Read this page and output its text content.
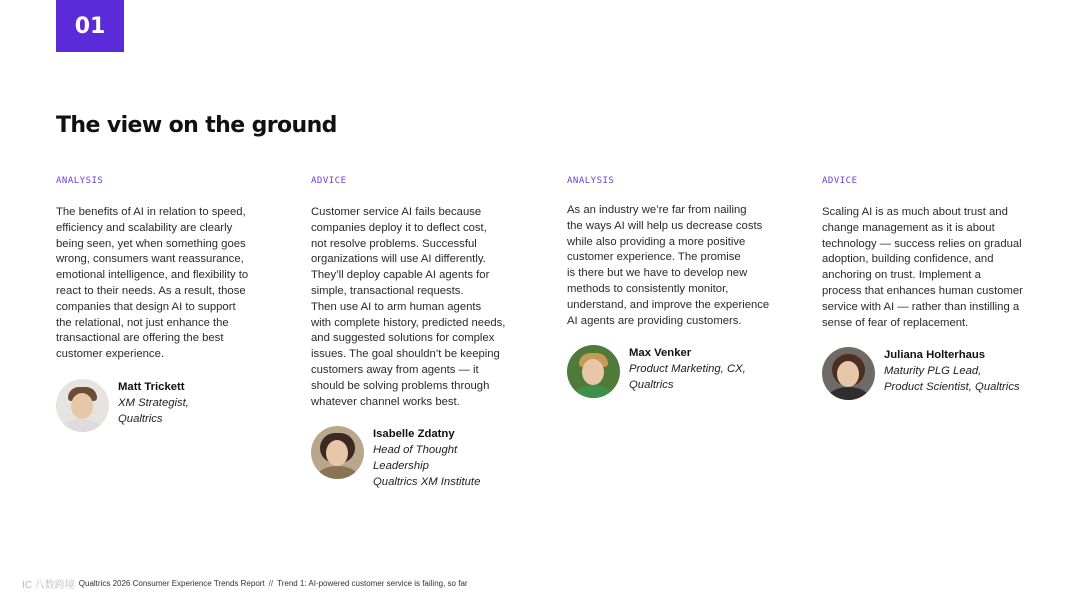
01
The view on the ground
ANALYSIS
The benefits of AI in relation to speed,
efficiency and scalability are clearly
being seen, yet when something goes
wrong, consumers want reassurance,
emotional intelligence, and flexibility to
react to their needs. As a result, those
companies that design AI to support
the relational, not just enhance the
transactional are offering the best
customer experience.
Matt Trickett
XM Strategist,
Qualtrics
ADVICE
Customer service AI fails because
companies deploy it to deflect cost,
not resolve problems. Successful
organizations will use AI differently.
They’ll deploy capable AI agents for
simple, transactional requests.
Then use AI to arm human agents
with complete history, predicted needs,
and suggested solutions for complex
issues. The goal shouldn’t be keeping
customers away from agents — it
should be solving problems through
whatever channel works best.
Isabelle Zdatny
Head of Thought Leadership
Qualtrics XM Institute
ANALYSIS
As an industry we’re far from nailing
the ways AI will help us decrease costs
while also providing a more positive
customer experience. The promise
is there but we have to develop new
methods to consistently monitor,
understand, and improve the experience
AI agents are providing customers.
Max Venker
Product Marketing, CX,
Qualtrics
ADVICE
Scaling AI is as much about trust and
change management as it is about
technology — success relies on gradual
adoption, building confidence, and
anchoring on trust. Implement a
process that enhances human customer
service with AI — rather than instilling a
sense of fear of replacement.
Juliana Holterhaus
Maturity PLG Lead,
Product Scientist, Qualtrics
IC 八数跨境 Qualtrics 2026 Consumer Experience Trends Report // Trend 1: AI-powered customer service is failing, so far
